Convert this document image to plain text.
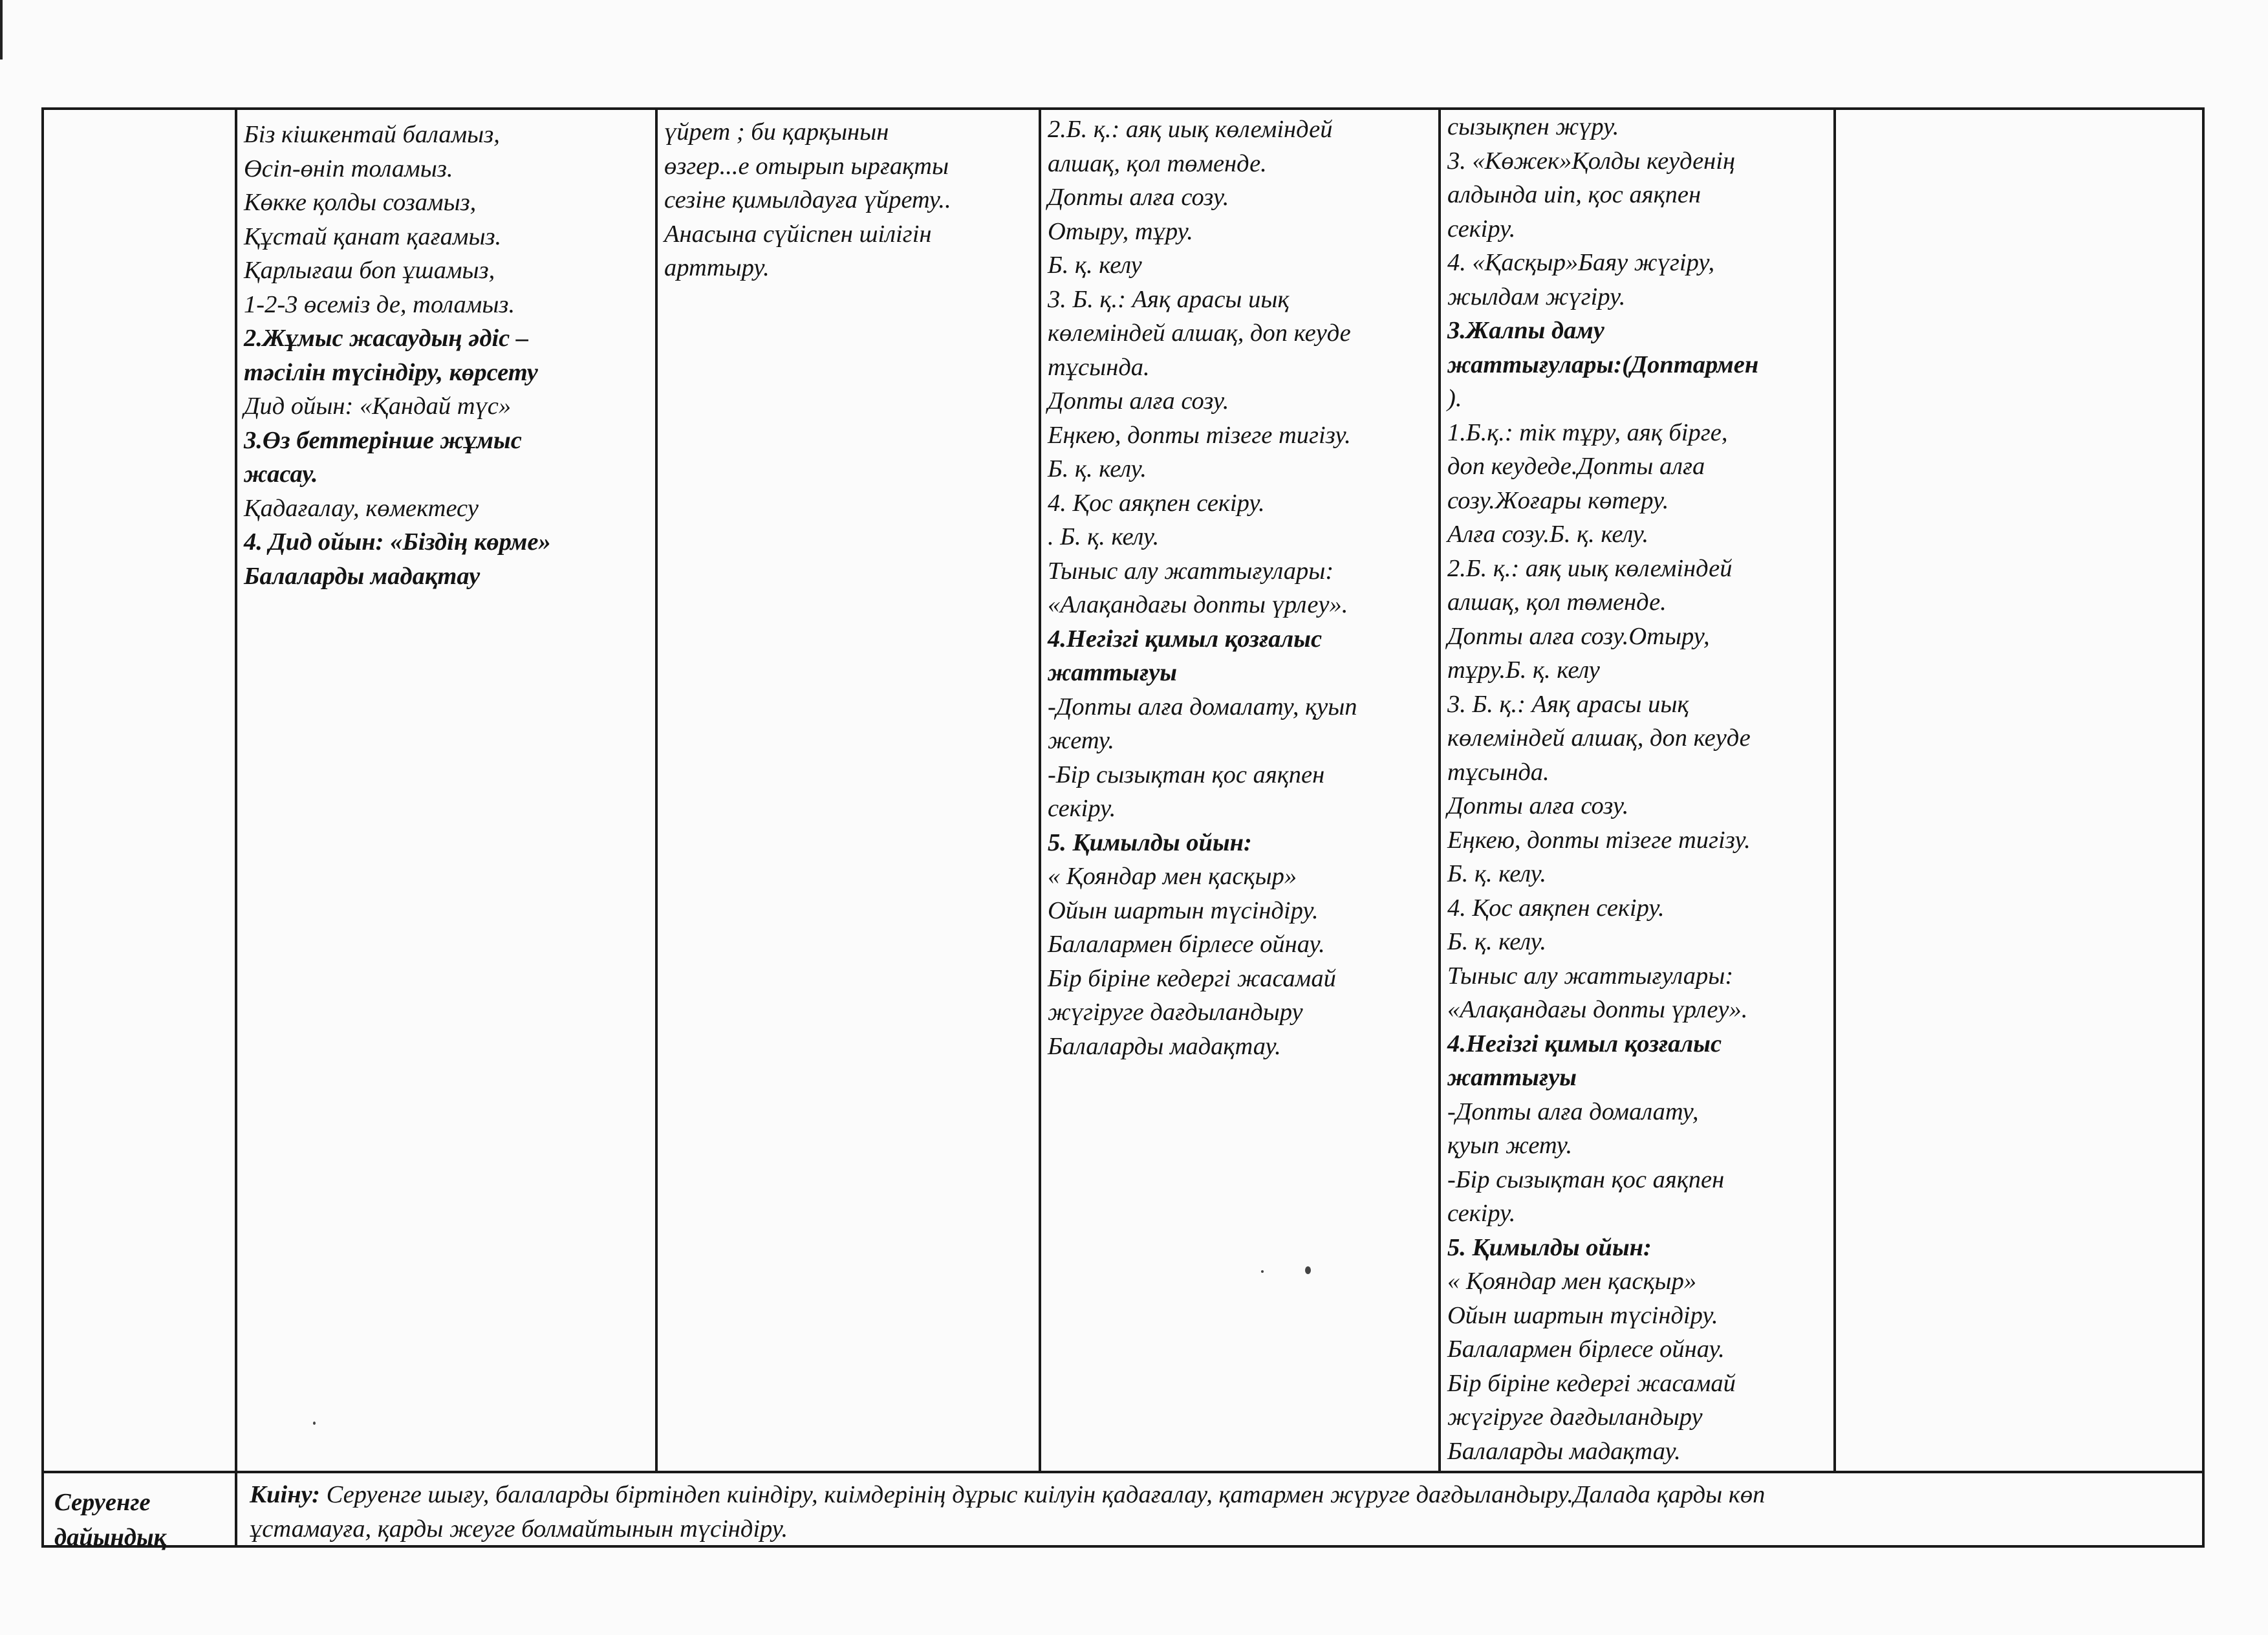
Біз кішкентай баламыз,
Өсіп-өніп толамыз.
Көкке қолды созамыз,
Құстай қанат қағамыз.
Қарлығаш боп ұшамыз,
1-2-3 өсеміз де, толамыз.
2.Жұмыс жасаудың әдіс –
тәсілін түсіндіру, көрсету
Дид ойын: «Қандай түс»
3.Өз беттерінше жұмыс
жасау.
Қадағалау, көмектесу
4. Дид ойын: «Біздің көрме»
Балаларды мадақтау
үйрет ; би қарқынын
өзгер...е отырып ырғақты
сезіне қимылдауға үйрету..
Анасына сүйіспен шілігін
арттыру.
2.Б. қ.: аяқ иық көлеміндей
алшақ, қол төменде.
Допты алға созу.
Отыру, тұру.
Б. қ. келу
3. Б. қ.: Аяқ арасы иық
көлеміндей алшақ, доп кеуде
тұсында.
Допты алға созу.
Еңкею, допты тізеге тигізу.
Б. қ. келу.
4. Қос аяқпен секіру.
. Б. қ. келу.
Тыныс алу жаттығулары:
«Алақандағы допты үрлеу».
4.Негізгі қимыл қозғалыс
жаттығуы
-Допты алға домалату, қуып
жету.
-Бір сызықтан қос аяқпен
секіру.
5. Қимылды ойын:
« Қояндар мен қасқыр»
Ойын шартын түсіндіру.
Балалармен бірлесе ойнау.
Бір біріне кедергі жасамай
жүгіруге дағдыландыру
Балаларды мадақтау.
сызықпен жүру.
3. «Көжек»Қолды кеуденің
алдында иіп, қос аяқпен
секіру.
4. «Қасқыр»Баяу жүгіру,
жылдам жүгіру.
3.Жалпы даму
жаттығулары:(Доптармен
).
1.Б.қ.: тік тұру, аяқ бірге,
доп кеудеде.Допты алға
созу.Жоғары көтеру.
Алға созу.Б. қ. келу.
2.Б. қ.: аяқ иық көлеміндей
алшақ, қол төменде.
Допты алға созу.Отыру,
тұру.Б. қ. келу
3. Б. қ.: Аяқ арасы иық
көлеміндей алшақ, доп кеуде
тұсында.
Допты алға созу.
Еңкею, допты тізеге тигізу.
Б. қ. келу.
4. Қос аяқпен секіру.
Б. қ. келу.
Тыныс алу жаттығулары:
«Алақандағы допты үрлеу».
4.Негізгі қимыл қозғалыс
жаттығуы
-Допты алға домалату,
қуып жету.
-Бір сызықтан қос аяқпен
секіру.
5. Қимылды ойын:
« Қояндар мен қасқыр»
Ойын шартын түсіндіру.
Балалармен бірлесе ойнау.
Бір біріне кедергі жасамай
жүгіруге дағдыландыру
Балаларды мадақтау.
Серуенге
дайындық
Киіну: Серуенге шығу, балаларды біртіндеп киіндіру, киімдерінің дұрыс киілуін қадағалау, қатармен жүруге дағдыландыру.Далада қарды көп
ұстамауға, қарды жеуге болмайтынын түсіндіру.
